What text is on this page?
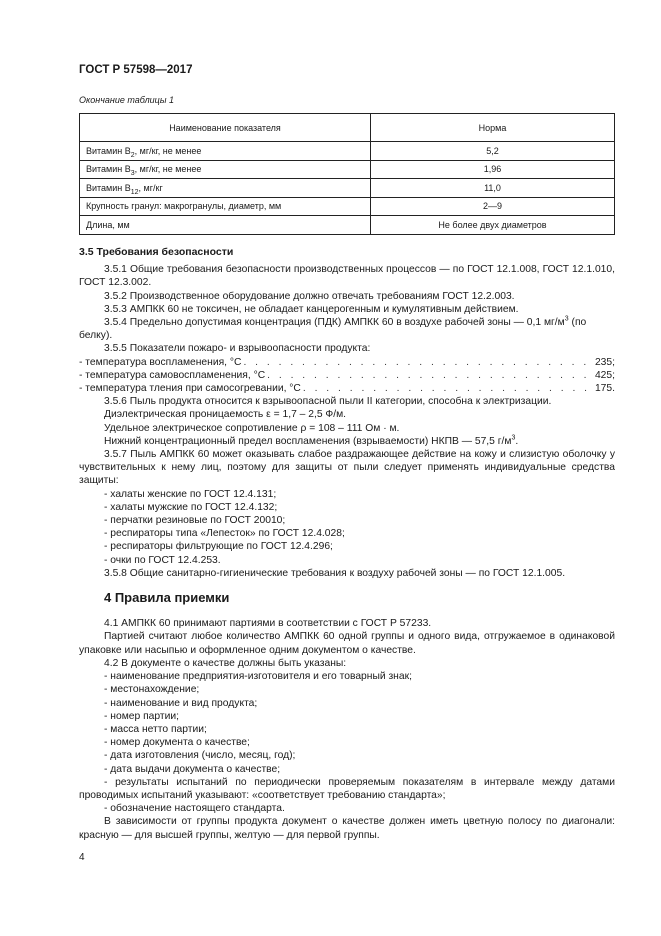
ГОСТ Р 57598—2017
Окончание таблицы 1
Наименование показателя	Норма
Витамин $В_2$, мг/кг, не менее	5,2
Витамин $В_3$, мг/кг, не менее	1,96
Витамин $В_{12}$, мг/кг	11,0
Крупность гранул: макрогранулы, диаметр, мм	2—9
Длина, мм	Не более двух диаметров

3.5 Требования безопасности

3.5.1 Общие требования безопасности производственных процессов — по ГОСТ 12.1.008, ГОСТ 12.1.010, ГОСТ 12.3.002.

3.5.2 Производственное оборудование должно отвечать требованиям ГОСТ 12.2.003.

3.5.3 АМПКК 60 не токсичен, не обладает канцерогенным и кумулятивным действием.

3.5.4 Предельно допустимая концентрация (ПДК) АМПКК 60 в воздухе рабочей зоны — 0,1 $мг/м^3$ (по белку).

3.5.5 Показатели пожаро- и взрывоопасности продукта:

- температура воспламенения, °С . . .	235;
- температура самовоспламенения, °С . . .	425;
- температура тления при самосогревании, °С . . .	175.

3.5.6 Пыль продукта относится к взрывоопасной пыли II категории, способна к электризации.

Диэлектрическая проницаемость ε = 1,7 – 2,5 Ф/м.

Удельное электрическое сопротивление ρ = 108 – 111 Ом · м.

Нижний концентрационный предел воспламенения (взрываемости) НКПВ — 57,5 $г/м^3$.

3.5.7 Пыль АМПКК 60 может оказывать слабое раздражающее действие на кожу и слизистую оболочку у чувствительных к нему лиц, поэтому для защиты от пыли следует применять индивидуальные средства защиты:

- халаты женские по ГОСТ 12.4.131;

- халаты мужские по ГОСТ 12.4.132;

- перчатки резиновые по ГОСТ 20010;

- респираторы типа «Лепесток» по ГОСТ 12.4.028;

- респираторы фильтрующие по ГОСТ 12.4.296;

- очки по ГОСТ 12.4.253.

3.5.8 Общие санитарно-гигиенические требования к воздуху рабочей зоны — по ГОСТ 12.1.005.

4 Правила приемки

4.1 АМПКК 60 принимают партиями в соответствии с ГОСТ Р 57233.

Партией считают любое количество АМПКК 60 одной группы и одного вида, отгружаемое в одинаковой упаковке или насыпью и оформленное одним документом о качестве.

4.2 В документе о качестве должны быть указаны:

- наименование предприятия-изготовителя и его товарный знак;

- местонахождение;

- наименование и вид продукта;

- номер партии;

- масса нетто партии;

- номер документа о качестве;

- дата изготовления (число, месяц, год);

- дата выдачи документа о качестве;

- результаты испытаний по периодически проверяемым показателям в интервале между датами проводимых испытаний указывают: «соответствует требованию стандарта»;

- обозначение настоящего стандарта.

В зависимости от группы продукта документ о качестве должен иметь цветную полосу по диагонали: красную — для высшей группы, желтую — для первой группы.

4
